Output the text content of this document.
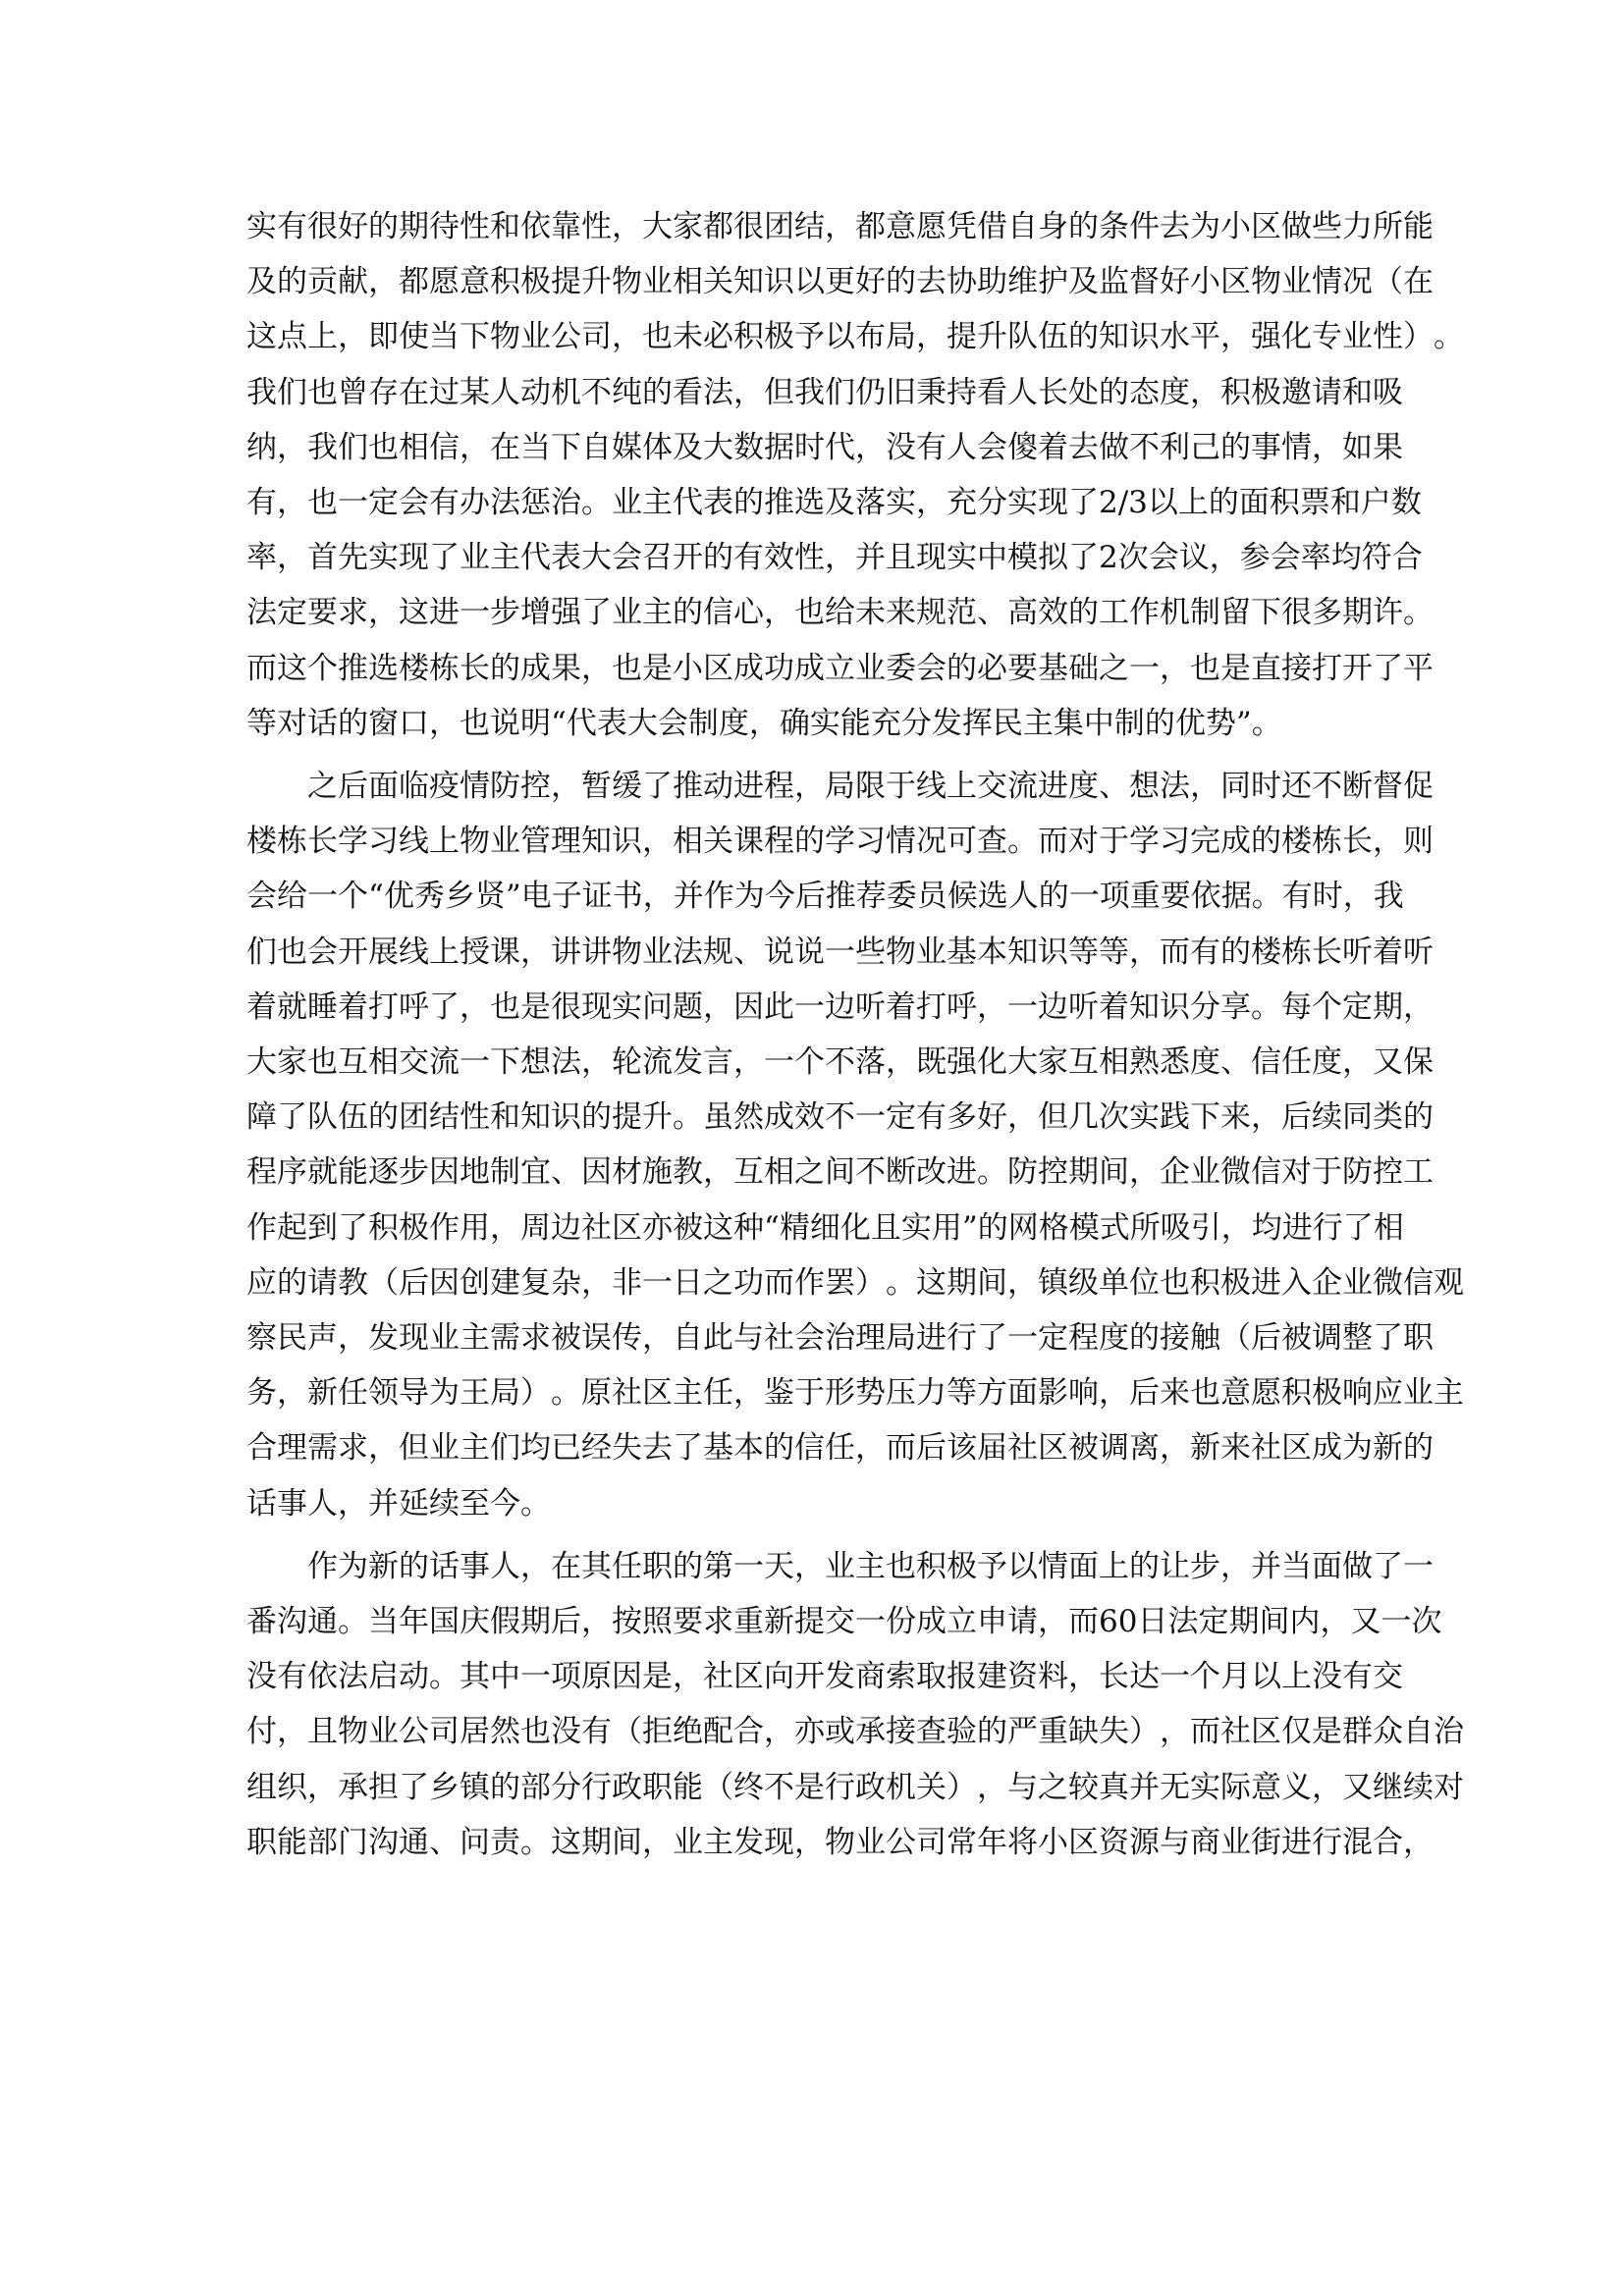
实 有 很 好 的 期 待 性 和 依 靠 性 ， 大 家 都 很 团 结 ， 都 意 愿 凭 借 自 身 的 条 件 去 为 小 区 做 些 力 所 能
及 的 贡 献 ， 都 愿 意 积 极 提 升 物 业 相 关 知 识 以 更 好 的 去 协 助 维 护 及 监 督 好 小 区 物 业 情 况 （ 在
这 点 上 ， 即 使 当 下 物 业 公 司 ， 也 未 必 积 极 予 以 布 局 ， 提 升 队 伍 的 知 识 水 平 ， 强 化 专 业 性 ） 。
我 们 也 曾 存 在 过 某 人 动 机 不 纯 的 看 法 ， 但 我 们 仍 旧 秉 持 看 人 长 处 的 态 度 ， 积 极 邀 请 和 吸
纳 ， 我 们 也 相 信 ， 在 当 下 自 媒 体 及 大 数 据 时 代 ， 没 有 人 会 傻 着 去 做 不 利 己 的 事 情 ， 如 果
有 ， 也 一 定 会 有 办 法 惩 治 。 业 主 代 表 的 推 选 及 落 实 ， 充 分 实 现 了 2/3 以 上 的 面 积 票 和 户 数
率 ， 首 先 实 现 了 业 主 代 表 大 会 召 开 的 有 效 性 ， 并 且 现 实 中 模 拟 了 2 次 会 议 ， 参 会 率 均 符 合
法 定 要 求 ， 这 进 一 步 增 强 了 业 主 的 信 心 ， 也 给 未 来 规 范 、 高 效 的 工 作 机 制 留 下 很 多 期 许 。
而 这 个 推 选 楼 栋 长 的 成 果 ， 也 是 小 区 成 功 成 立 业 委 会 的 必 要 基 础 之 一 ， 也 是 直 接 打 开 了 平
等对话的窗口，也说明“代表大会制度，确实能充分发挥民主集中制的优势”。
之 后 面 临 疫 情 防 控 ， 暂 缓 了 推 动 进 程 ， 局 限 于 线 上 交 流 进 度 、 想 法 ， 同 时 还 不 断 督 促
楼 栋 长 学 习 线 上 物 业 管 理 知 识 ， 相 关 课 程 的 学 习 情 况 可 查 。 而 对 于 学 习 完 成 的 楼 栋 长 ， 则
会 给 一 个 “ 优 秀 乡 贤 ” 电 子 证 书 ， 并 作 为 今 后 推 荐 委 员 候 选 人 的 一 项 重 要 依 据 。 有 时 ， 我
们 也 会 开 展 线 上 授 课 ， 讲 讲 物 业 法 规 、 说 说 一 些 物 业 基 本 知 识 等 等 ， 而 有 的 楼 栋 长 听 着 听
着 就 睡 着 打 呼 了 ， 也 是 很 现 实 问 题 ， 因 此 一 边 听 着 打 呼 ， 一 边 听 着 知 识 分 享 。 每 个 定 期 ，
大 家 也 互 相 交 流 一 下 想 法 ， 轮 流 发 言 ， 一 个 不 落 ， 既 强 化 大 家 互 相 熟 悉 度 、 信 任 度 ， 又 保
障 了 队 伍 的 团 结 性 和 知 识 的 提 升 。 虽 然 成 效 不 一 定 有 多 好 ， 但 几 次 实 践 下 来 ， 后 续 同 类 的
程 序 就 能 逐 步 因 地 制 宜 、 因 材 施 教 ， 互 相 之 间 不 断 改 进 。 防 控 期 间 ， 企 业 微 信 对 于 防 控 工
作 起 到 了 积 极 作 用 ， 周 边 社 区 亦 被 这 种 “ 精 细 化 且 实 用 ” 的 网 格 模 式 所 吸 引 ， 均 进 行 了 相
应 的 请 教 （ 后 因 创 建 复 杂 ， 非 一 日 之 功 而 作 罢 ） 。 这 期 间 ， 镇 级 单 位 也 积 极 进 入 企 业 微 信 观
察 民 声 ， 发 现 业 主 需 求 被 误 传 ， 自 此 与 社 会 治 理 局 进 行 了 一 定 程 度 的 接 触 （ 后 被 调 整 了 职
务 ， 新 任 领 导 为 王 局 ） 。 原 社 区 主 任 ， 鉴 于 形 势 压 力 等 方 面 影 响 ， 后 来 也 意 愿 积 极 响 应 业 主
合 理 需 求 ， 但 业 主 们 均 已 经 失 去 了 基 本 的 信 任 ， 而 后 该 届 社 区 被 调 离 ， 新 来 社 区 成 为 新 的
话事人，并延续至今。
作 为 新 的 话 事 人 ， 在 其 任 职 的 第 一 天 ， 业 主 也 积 极 予 以 情 面 上 的 让 步 ， 并 当 面 做 了 一
番 沟 通 。 当 年 国 庆 假 期 后 ， 按 照 要 求 重 新 提 交 一 份 成 立 申 请 ， 而 60 日 法 定 期 间 内 ， 又 一 次
没 有 依 法 启 动 。 其 中 一 项 原 因 是 ， 社 区 向 开 发 商 索 取 报 建 资 料 ， 长 达 一 个 月 以 上 没 有 交
付 ， 且 物 业 公 司 居 然 也 没 有 （ 拒 绝 配 合 ， 亦 或 承 接 查 验 的 严 重 缺 失 ） ， 而 社 区 仅 是 群 众 自 治
组 织 ， 承 担 了 乡 镇 的 部 分 行 政 职 能 （ 终 不 是 行 政 机 关 ） ， 与 之 较 真 并 无 实 际 意 义 ， 又 继 续 对
职 能 部 门 沟 通 、 问 责 。 这 期 间 ， 业 主 发 现 ， 物 业 公 司 常 年 将 小 区 资 源 与 商 业 街 进 行 混 合 ，
